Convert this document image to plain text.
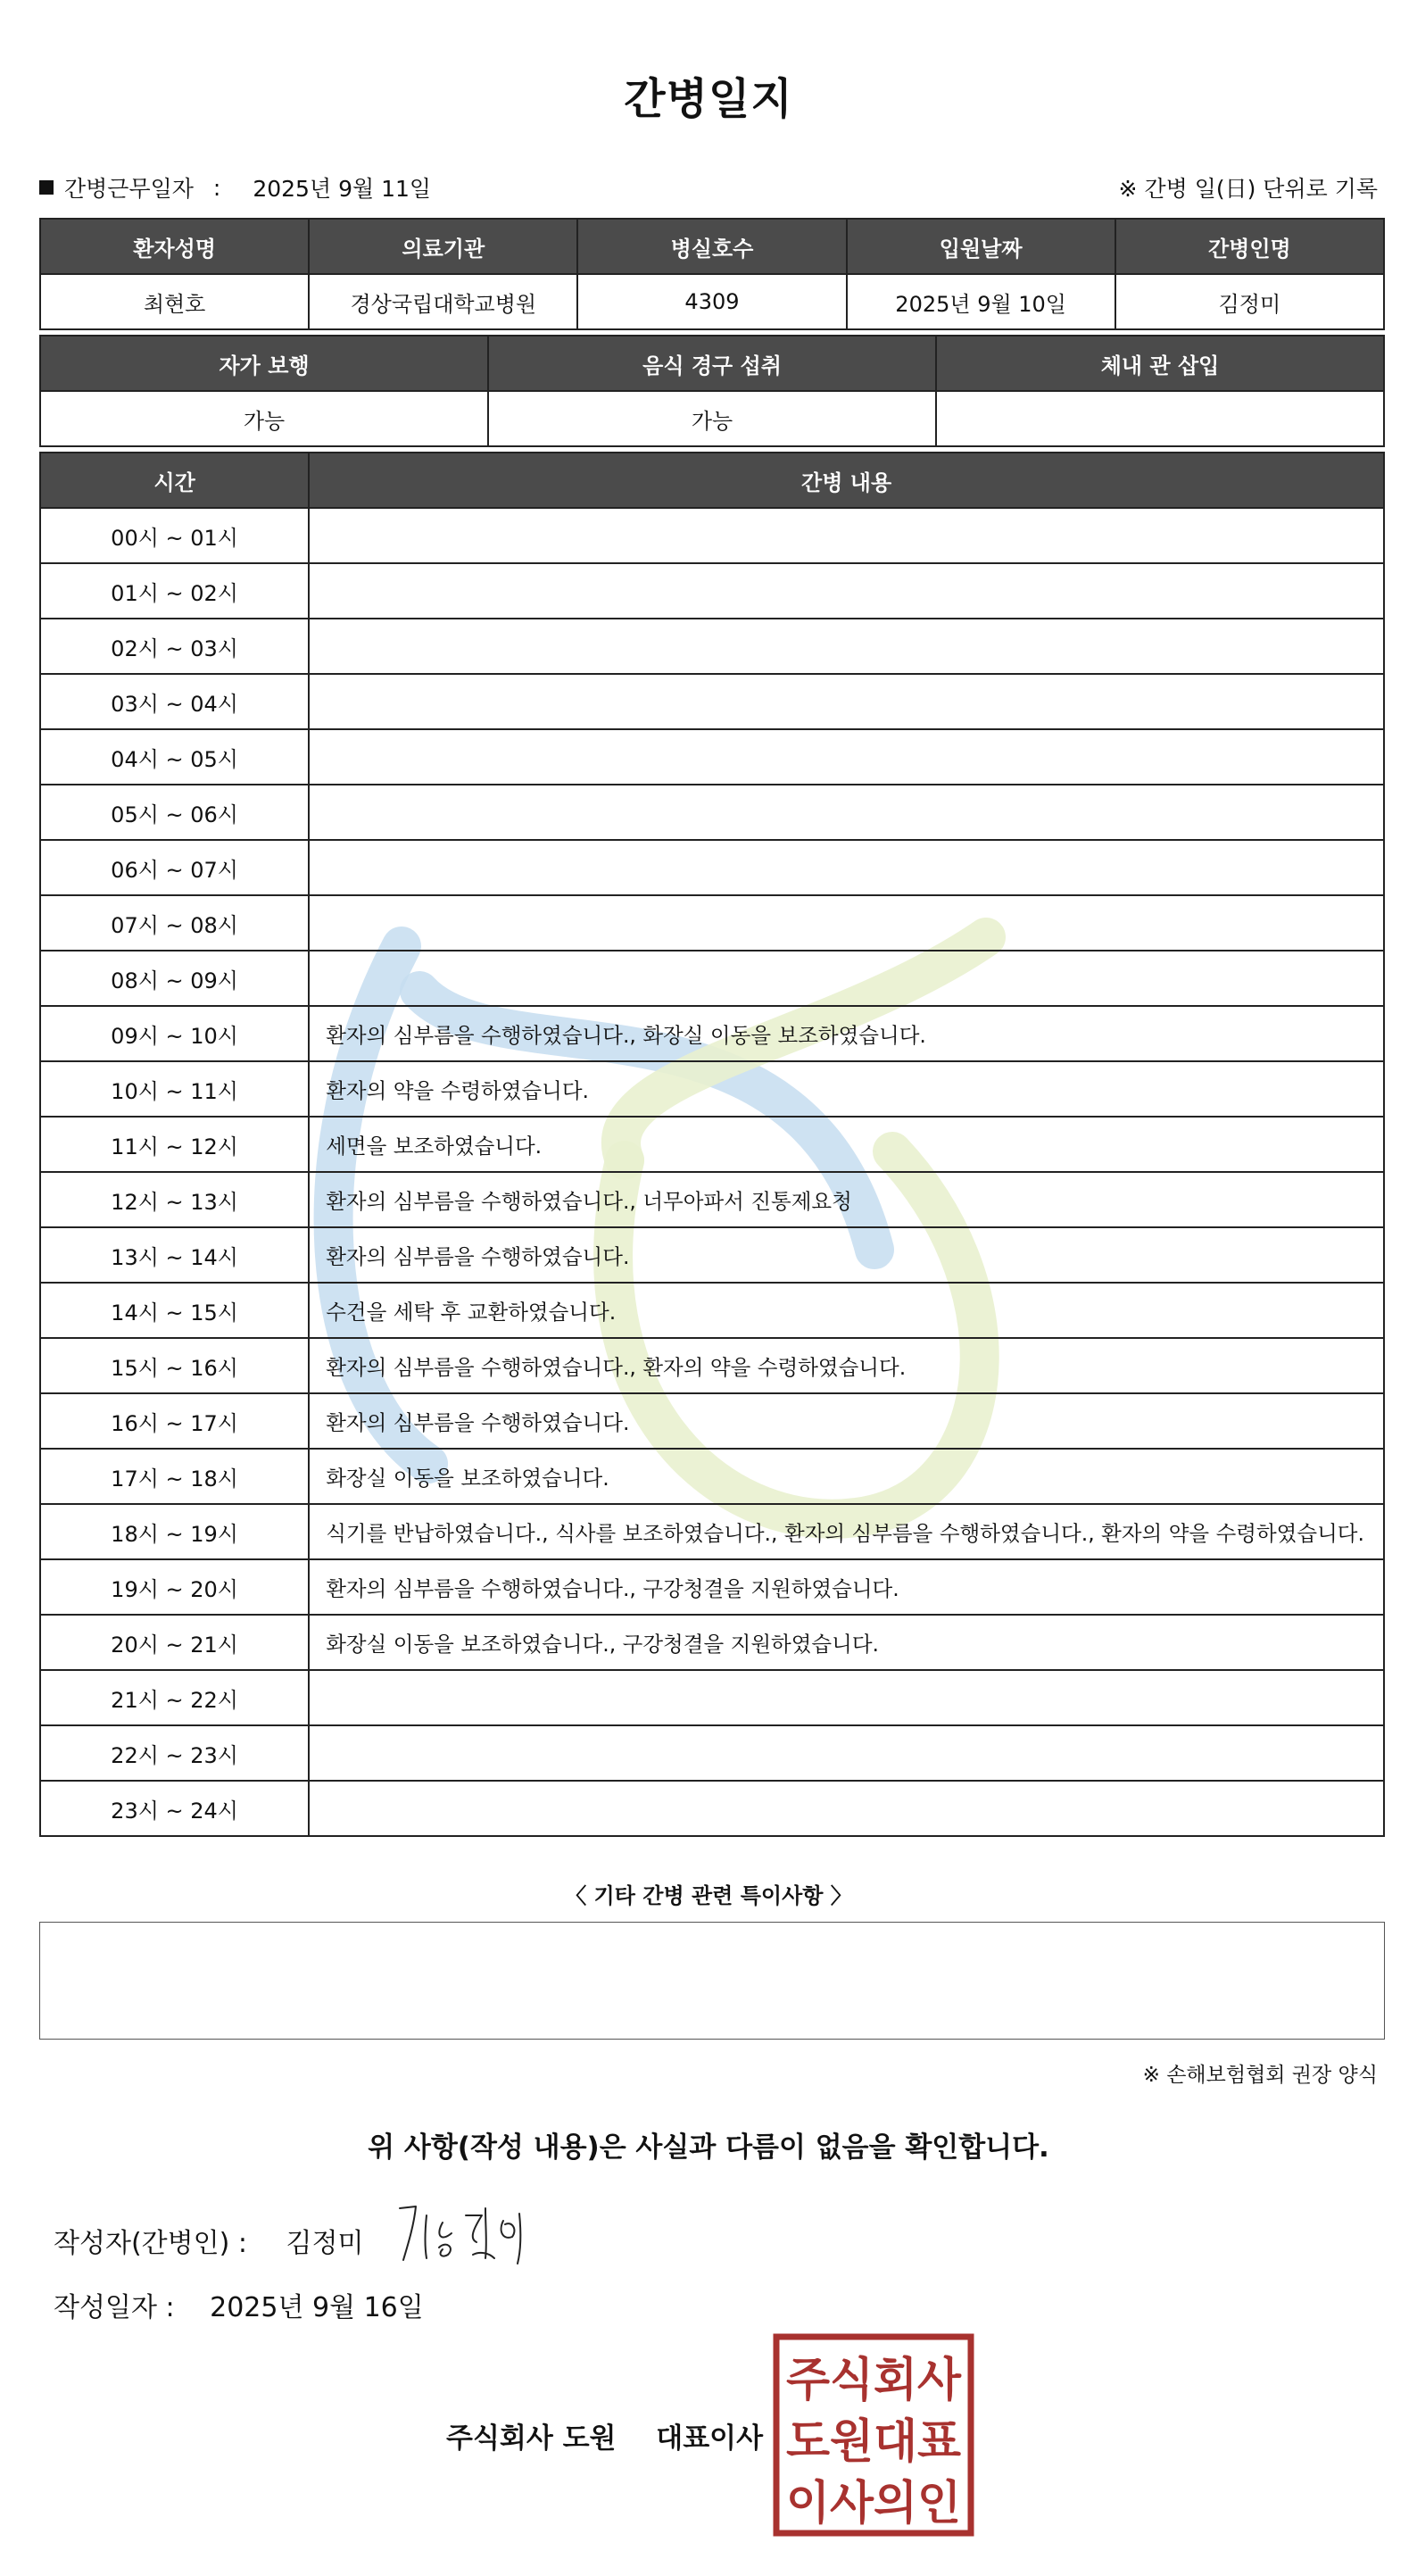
간병일지
간병근무일자 : 2025년 9월 11일	※ 간병 일(日) 단위로 기록
환자성명	의료기관	병실호수	입원날짜	간병인명
최현호	경상국립대학교병원	4309	2025년 9월 10일	김정미
자가 보행	음식 경구 섭취	체내 관 삽입
가능	가능	
시간	간병 내용
00시 ~ 01시	
01시 ~ 02시	
02시 ~ 03시	
03시 ~ 04시	
04시 ~ 05시	
05시 ~ 06시	
06시 ~ 07시	
07시 ~ 08시	
08시 ~ 09시	
09시 ~ 10시	환자의 심부름을 수행하였습니다., 화장실 이동을 보조하였습니다.
10시 ~ 11시	환자의 약을 수령하였습니다.
11시 ~ 12시	세면을 보조하였습니다.
12시 ~ 13시	환자의 심부름을 수행하였습니다., 너무아파서 진통제요청
13시 ~ 14시	환자의 심부름을 수행하였습니다.
14시 ~ 15시	수건을 세탁 후 교환하였습니다.
15시 ~ 16시	환자의 심부름을 수행하였습니다., 환자의 약을 수령하였습니다.
16시 ~ 17시	환자의 심부름을 수행하였습니다.
17시 ~ 18시	화장실 이동을 보조하였습니다.
18시 ~ 19시	식기를 반납하였습니다., 식사를 보조하였습니다., 환자의 심부름을 수행하였습니다., 환자의 약을 수령하였습니다.
19시 ~ 20시	환자의 심부름을 수행하였습니다., 구강청결을 지원하였습니다.
20시 ~ 21시	화장실 이동을 보조하였습니다., 구강청결을 지원하였습니다.
21시 ~ 22시	
22시 ~ 23시	
23시 ~ 24시	
〈 기타 간병 관련 특이사항 〉
※ 손해보험협회 권장 양식
위 사항(작성 내용)은 사실과 다름이 없음을 확인합니다.
작성자(간병인) : 김정미
작성일자 : 2025년 9월 16일
주식회사 도원 대표이사
주식회사
도원대표
이사의인
